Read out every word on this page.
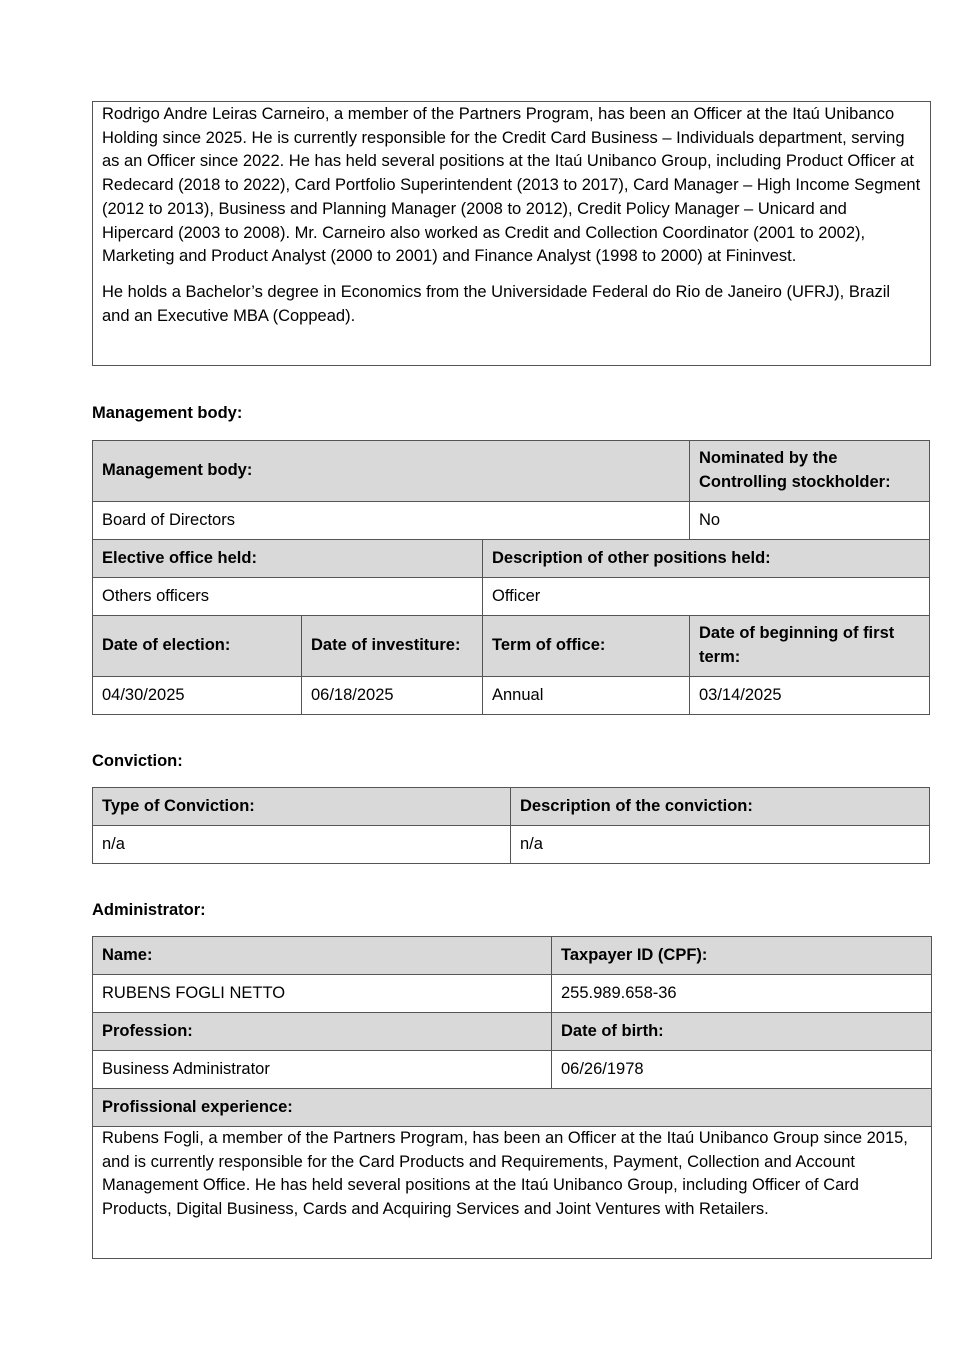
Rodrigo Andre Leiras Carneiro, a member of the Partners Program, has been an Officer at the Itaú Unibanco Holding since 2025. He is currently responsible for the Credit Card Business – Individuals department, serving as an Officer since 2022. He has held several positions at the Itaú Unibanco Group, including Product Officer at Redecard (2018 to 2022), Card Portfolio Superintendent (2013 to 2017), Card Manager – High Income Segment (2012 to 2013), Business and Planning Manager (2008 to 2012), Credit Policy Manager – Unicard and Hipercard (2003 to 2008). Mr. Carneiro also worked as Credit and Collection Coordinator (2001 to 2002), Marketing and Product Analyst (2000 to 2001) and Finance Analyst (1998 to 2000) at Fininvest.

He holds a Bachelor’s degree in Economics from the Universidade Federal do Rio de Janeiro (UFRJ), Brazil and an Executive MBA (Coppead).

Management body:
Management body:			Nominated by the Controlling stockholder:
Board of Directors			No
Elective office held:		Description of other positions held:	
Others officers		Officer	
Date of election:	Date of investiture:	Term of office:	Date of beginning of first term:
04/30/2025	06/18/2025	Annual	03/14/2025
Conviction:
Type of Conviction:	Description of the conviction:
n/a	n/a
Administrator:
Name:	Taxpayer ID (CPF):
RUBENS FOGLI NETTO	255.989.658-36
Profession:	Date of birth:
Business Administrator	06/26/1978
Profissional experience:	
Rubens Fogli, a member of the Partners Program, has been an Officer at the Itaú Unibanco Group since 2015, and is currently responsible for the Card Products and Requirements, Payment, Collection and Account Management Office. He has held several positions at the Itaú Unibanco Group, including Officer of Card Products, Digital Business, Cards and Acquiring Services and Joint Ventures with Retailers.	
